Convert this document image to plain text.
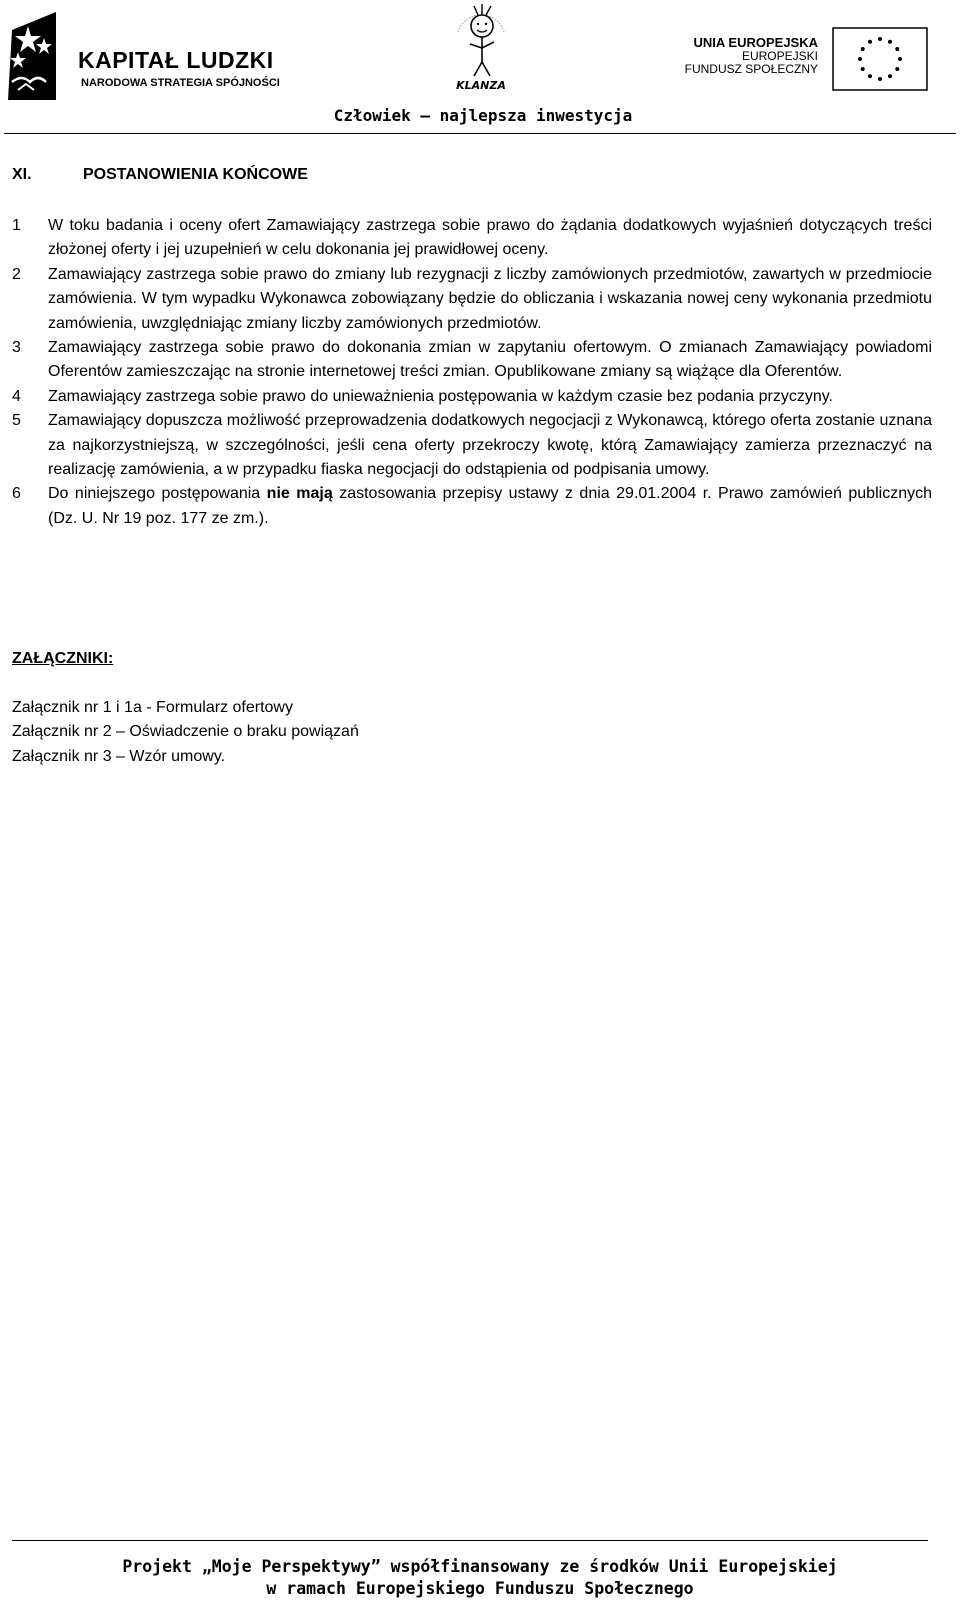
KAPITAŁ LUDZKI
NARODOWA STRATEGIA SPÓJNOŚCI	KLANZA
UNIA EUROPEJSKA
EUROPEJSKI
FUNDUSZ SPOŁECZNY
Człowiek – najlepsza inwestycja
XI.	POSTANOWIENIA KOŃCOWE
1	W toku badania i oceny ofert Zamawiający zastrzega sobie prawo do żądania dodatkowych wyjaśnień dotyczących treści złożonej oferty i jej uzupełnień w celu dokonania jej prawidłowej oceny.
2	Zamawiający zastrzega sobie prawo do zmiany lub rezygnacji z liczby zamówionych przedmiotów, zawartych w przedmiocie zamówienia. W tym wypadku Wykonawca zobowiązany będzie do obliczania i wskazania nowej ceny wykonania przedmiotu zamówienia, uwzględniając zmiany liczby zamówionych przedmiotów.
3	Zamawiający zastrzega sobie prawo do dokonania zmian w zapytaniu ofertowym. O zmianach Zamawiający powiadomi Oferentów zamieszczając na stronie internetowej treści zmian. Opublikowane zmiany są wiążące dla Oferentów.
4	Zamawiający zastrzega sobie prawo do unieważnienia postępowania w każdym czasie bez podania przyczyny.
5	Zamawiający dopuszcza możliwość przeprowadzenia dodatkowych negocjacji z Wykonawcą, którego oferta zostanie uznana za najkorzystniejszą, w szczególności, jeśli cena oferty przekroczy kwotę, którą Zamawiający zamierza przeznaczyć na realizację zamówienia, a w przypadku fiaska negocjacji do odstąpienia od podpisania umowy.
6	Do niniejszego postępowania nie mają zastosowania przepisy ustawy z dnia 29.01.2004 r. Prawo zamówień publicznych (Dz. U. Nr 19 poz. 177 ze zm.).
ZAŁĄCZNIKI:
Załącznik nr 1 i 1a - Formularz ofertowy
Załącznik nr 2 – Oświadczenie o braku powiązań
Załącznik nr 3 – Wzór umowy.
Projekt „Moje Perspektywy” współfinansowany ze środków Unii Europejskiej
w ramach Europejskiego Funduszu Społecznego
